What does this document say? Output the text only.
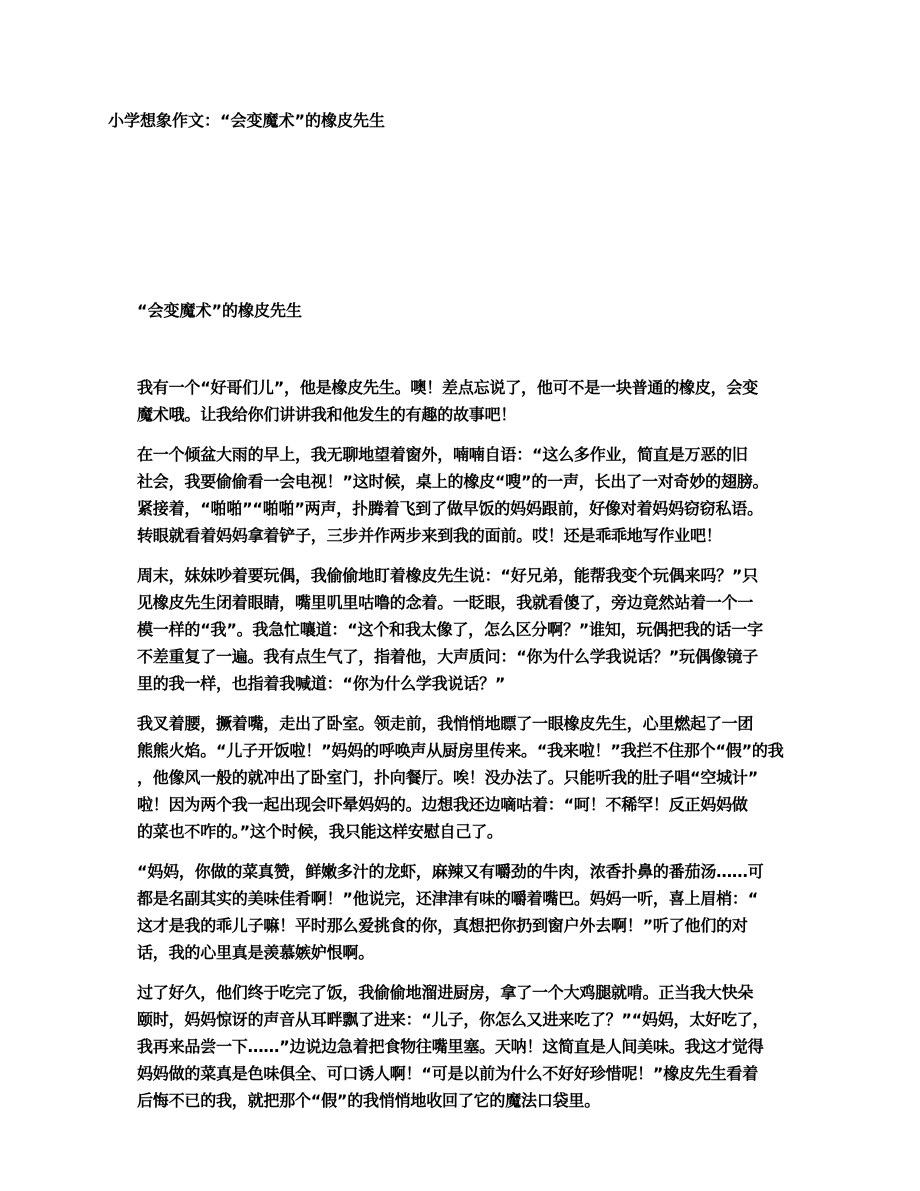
小学想象作文：“会变魔术”的橡皮先生
“会变魔术”的橡皮先生

我有一个“好哥们儿”，他是橡皮先生。噢！差点忘说了，他可不是一块普通的橡皮，会变
魔术哦。让我给你们讲讲我和他发生的有趣的故事吧！

在一个倾盆大雨的早上，我无聊地望着窗外，喃喃自语：“这么多作业，简直是万恶的旧
社会，我要偷偷看一会电视！”这时候，桌上的橡皮“嗖”的一声，长出了一对奇妙的翅膀。
紧接着，“啪啪”“啪啪”两声，扑腾着飞到了做早饭的妈妈跟前，好像对着妈妈窃窃私语。
转眼就看着妈妈拿着铲子，三步并作两步来到我的面前。哎！还是乖乖地写作业吧！

周末，妹妹吵着要玩偶，我偷偷地盯着橡皮先生说：“好兄弟，能帮我变个玩偶来吗？”只
见橡皮先生闭着眼睛，嘴里叽里咕噜的念着。一眨眼，我就看傻了，旁边竟然站着一个一
模一样的“我”。我急忙嚷道：“这个和我太像了，怎么区分啊？”谁知，玩偶把我的话一字
不差重复了一遍。我有点生气了，指着他，大声质问：“你为什么学我说话？”玩偶像镜子
里的我一样，也指着我喊道：“你为什么学我说话？”

我叉着腰，撅着嘴，走出了卧室。领走前，我悄悄地瞟了一眼橡皮先生，心里燃起了一团
熊熊火焰。“儿子开饭啦！”妈妈的呼唤声从厨房里传来。“我来啦！”我拦不住那个“假”的我
，他像风一般的就冲出了卧室门，扑向餐厅。唉！没办法了。只能听我的肚子唱“空城计”
啦！因为两个我一起出现会吓晕妈妈的。边想我还边嘀咕着：“呵！不稀罕！反正妈妈做
的菜也不咋的。”这个时候，我只能这样安慰自己了。

“妈妈，你做的菜真赞，鲜嫩多汁的龙虾，麻辣又有嚼劲的牛肉，浓香扑鼻的番茄汤……可
都是名副其实的美味佳肴啊！”他说完，还津津有味的嚼着嘴巴。妈妈一听，喜上眉梢：“
这才是我的乖儿子嘛！平时那么爱挑食的你，真想把你扔到窗户外去啊！”听了他们的对
话，我的心里真是羡慕嫉妒恨啊。

过了好久，他们终于吃完了饭，我偷偷地溜进厨房，拿了一个大鸡腿就啃。正当我大快朵
颐时，妈妈惊讶的声音从耳畔飘了进来：“儿子，你怎么又进来吃了？”“妈妈，太好吃了，
我再来品尝一下……”边说边急着把食物往嘴里塞。天呐！这简直是人间美味。我这才觉得
妈妈做的菜真是色味俱全、可口诱人啊！“可是以前为什么不好好珍惜呢！”橡皮先生看着
后悔不已的我，就把那个“假”的我悄悄地收回了它的魔法口袋里。
